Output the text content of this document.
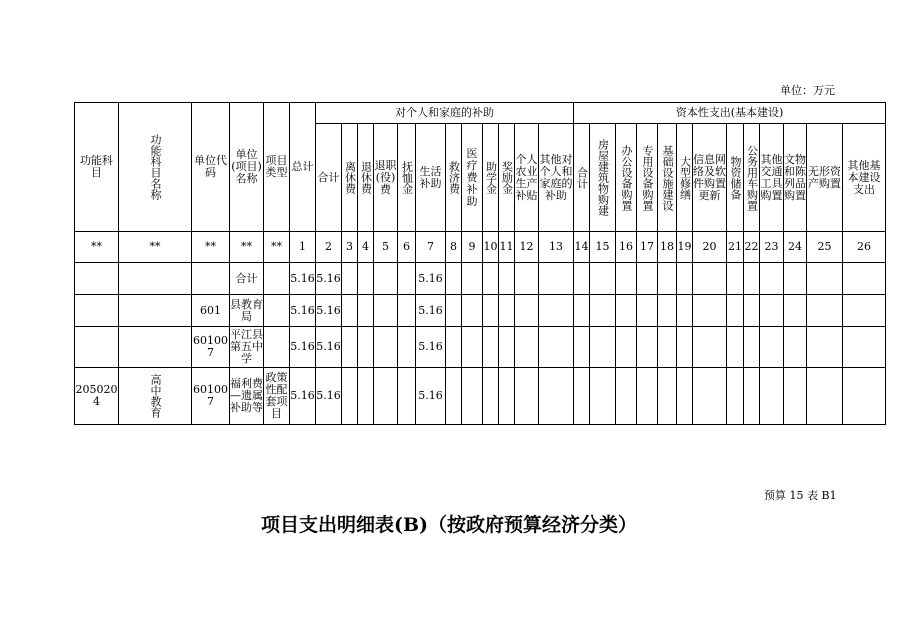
单位：万元
功能科目	功能科目名称	单位代码	单位(项目)名称	项目类型	总计	对个人和家庭的补助												资本性支出(基本建设)												
						合计	离休费	退休费	退职(役)费	抚恤金	生活补助	救济费	医疗费补助	助学金	奖励金	个人农业生产补贴	其他对个人和家庭的补助	合计	房屋建筑物购建	办公设备购置	专用设备购置	基础设施建设	大型修缮	信息网络及软件购置更新	物资储备	公务用车购置	其他交通工具购置	文物和陈列品购置	无形资产购置	其他基本建设支出
**	**	**	**	**	1	2	3	4	5	6	7	8	9	10	11	12	13	14	15	16	17	18	19	20	21	22	23	24	25	26
			合计		5.16	5.16					5.16																			
		601	县教育局		5.16	5.16					5.16																			
		601007	平江县第五中学		5.16	5.16					5.16																			
2050204	高中教育	601007	福利费—遗属补助等	政策性配套项目	5.16	5.16					5.16																			
预算 15 表 B1
项目支出明细表(B)（按政府预算经济分类）
